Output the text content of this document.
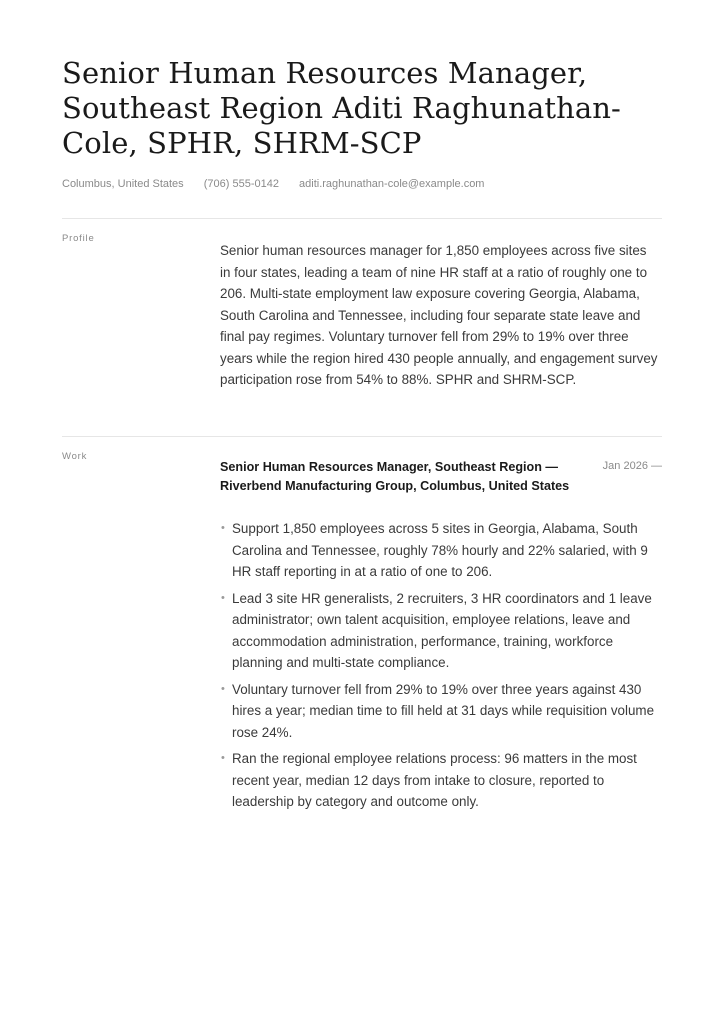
Senior Human Resources Manager, Southeast Region Aditi Raghunathan-Cole, SPHR, SHRM-SCP

Columbus, United States (706) 555-0142 aditi.raghunathan-cole@example.com

Profile

Senior human resources manager for 1,850 employees across five sites in four states, leading a team of nine HR staff at a ratio of roughly one to 206. Multi-state employment law exposure covering Georgia, Alabama, South Carolina and Tennessee, including four separate state leave and final pay regimes. Voluntary turnover fell from 29% to 19% over three years while the region hired 430 people annually, and engagement survey participation rose from 54% to 88%. SPHR and SHRM-SCP.

Work

Senior Human Resources Manager, Southeast Region — Riverbend Manufacturing Group, Columbus, United States

Jan 2026 —

• Support 1,850 employees across 5 sites in Georgia, Alabama, South Carolina and Tennessee, roughly 78% hourly and 22% salaried, with 9 HR staff reporting in at a ratio of one to 206.
• Lead 3 site HR generalists, 2 recruiters, 3 HR coordinators and 1 leave administrator; own talent acquisition, employee relations, leave and accommodation administration, performance, training, workforce planning and multi-state compliance.
• Voluntary turnover fell from 29% to 19% over three years against 430 hires a year; median time to fill held at 31 days while requisition volume rose 24%.
• Ran the regional employee relations process: 96 matters in the most recent year, median 12 days from intake to closure, reported to leadership by category and outcome only.
